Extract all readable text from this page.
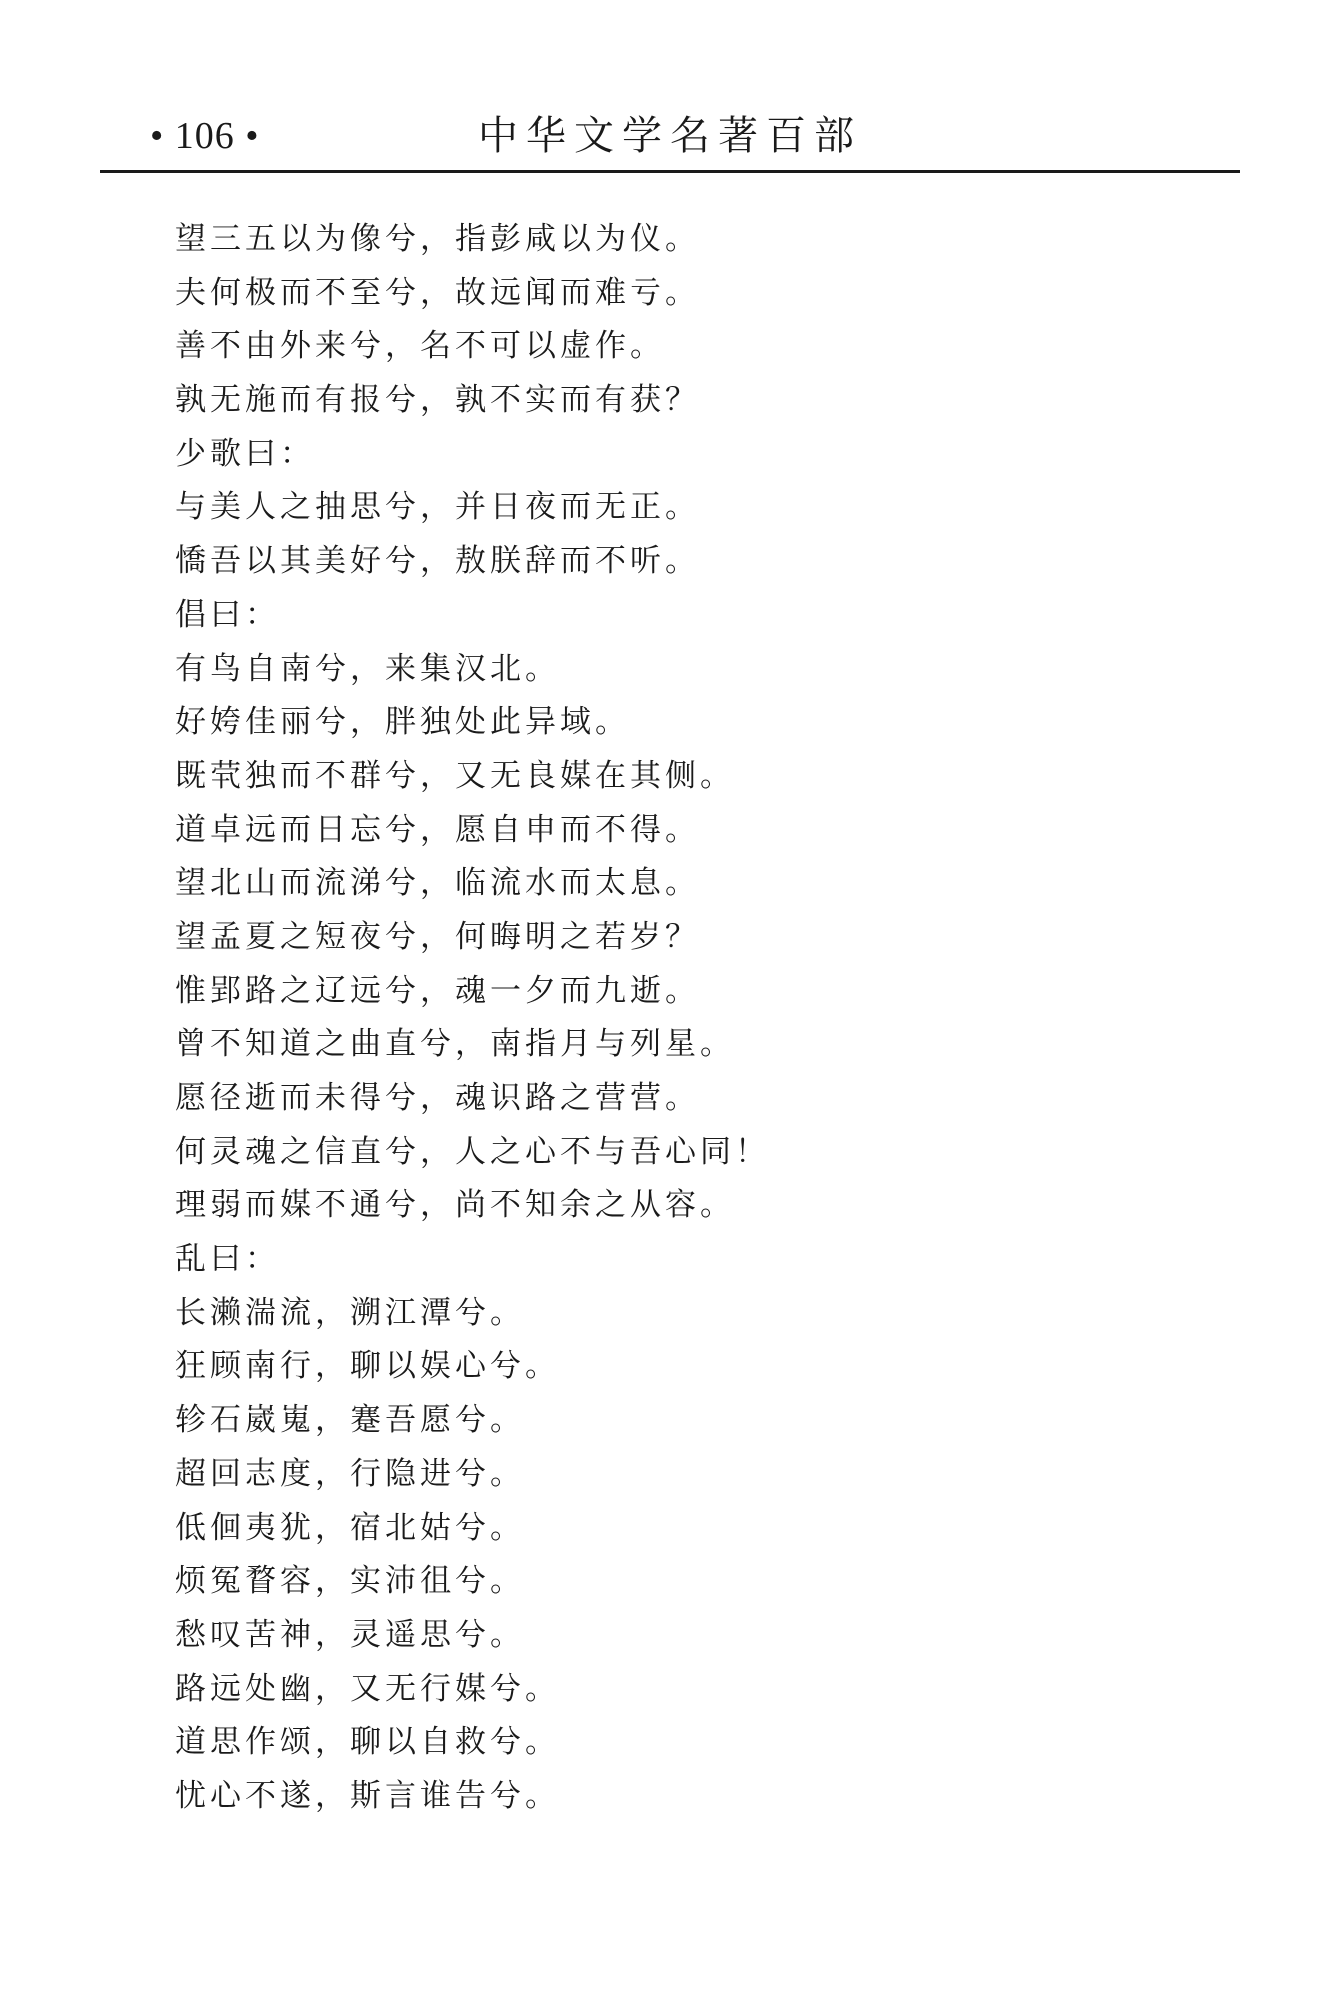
• 106 •	中华文学名著百部
望三五以为像兮，指彭咸以为仪。
夫何极而不至兮，故远闻而难亏。
善不由外来兮，名不可以虚作。
孰无施而有报兮，孰不实而有获？
少歌曰：
与美人之抽思兮，并日夜而无正。
憍吾以其美好兮，敖朕辞而不听。
倡曰：
有鸟自南兮，来集汉北。
好姱佳丽兮，胖独处此异域。
既茕独而不群兮，又无良媒在其侧。
道卓远而日忘兮，愿自申而不得。
望北山而流涕兮，临流水而太息。
望孟夏之短夜兮，何晦明之若岁？
惟郢路之辽远兮，魂一夕而九逝。
曾不知道之曲直兮，南指月与列星。
愿径逝而未得兮，魂识路之营营。
何灵魂之信直兮，人之心不与吾心同！
理弱而媒不通兮，尚不知余之从容。
乱曰：
长濑湍流，溯江潭兮。
狂顾南行，聊以娱心兮。
轸石崴嵬，蹇吾愿兮。
超回志度，行隐进兮。
低佪夷犹，宿北姑兮。
烦冤瞀容，实沛徂兮。
愁叹苦神，灵遥思兮。
路远处幽，又无行媒兮。
道思作颂，聊以自救兮。
忧心不遂，斯言谁告兮。
